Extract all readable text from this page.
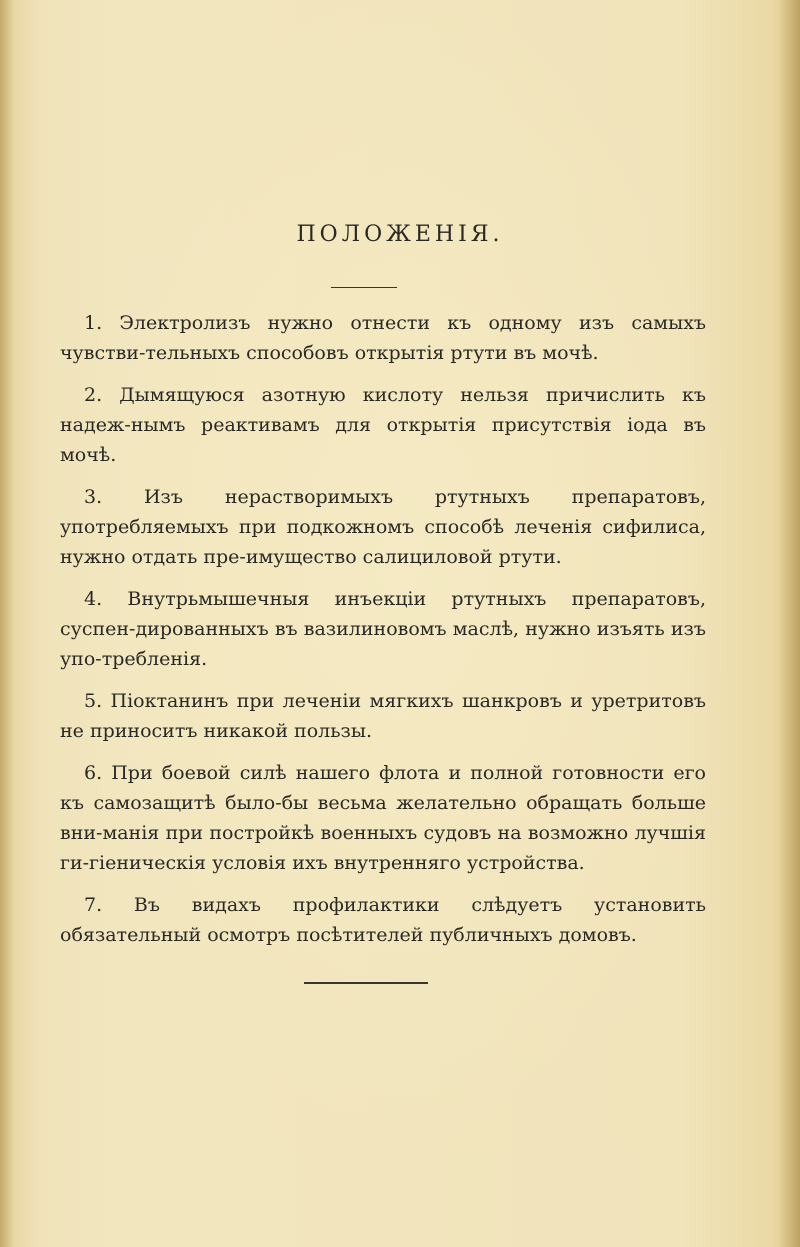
ПОЛОЖЕНІЯ.

1. Электролизъ нужно отнести къ одному изъ самыхъ чувстви-тельныхъ способовъ открытія ртути въ мочѣ.

2. Дымящуюся азотную кислоту нельзя причислить къ надеж-нымъ реактивамъ для открытія присутствія іода въ мочѣ.

3. Изъ нерастворимыхъ ртутныхъ препаратовъ, употребляемыхъ при подкожномъ способѣ леченія сифилиса, нужно отдать пре-имущество салициловой ртути.

4. Внутрьмышечныя инъекціи ртутныхъ препаратовъ, суспен-дированныхъ въ вазилиновомъ маслѣ, нужно изъять изъ упо-требленія.

5. Піоктанинъ при леченіи мягкихъ шанкровъ и уретритовъ не приноситъ никакой пользы.

6. При боевой силѣ нашего флота и полной готовности его къ самозащитѣ было-бы весьма желательно обращать больше вни-манія при постройкѣ военныхъ судовъ на возможно лучшія ги-гіеническія условія ихъ внутренняго устройства.

7. Въ видахъ профилактики слѣдуетъ установить обязательный осмотръ посѣтителей публичныхъ домовъ.
